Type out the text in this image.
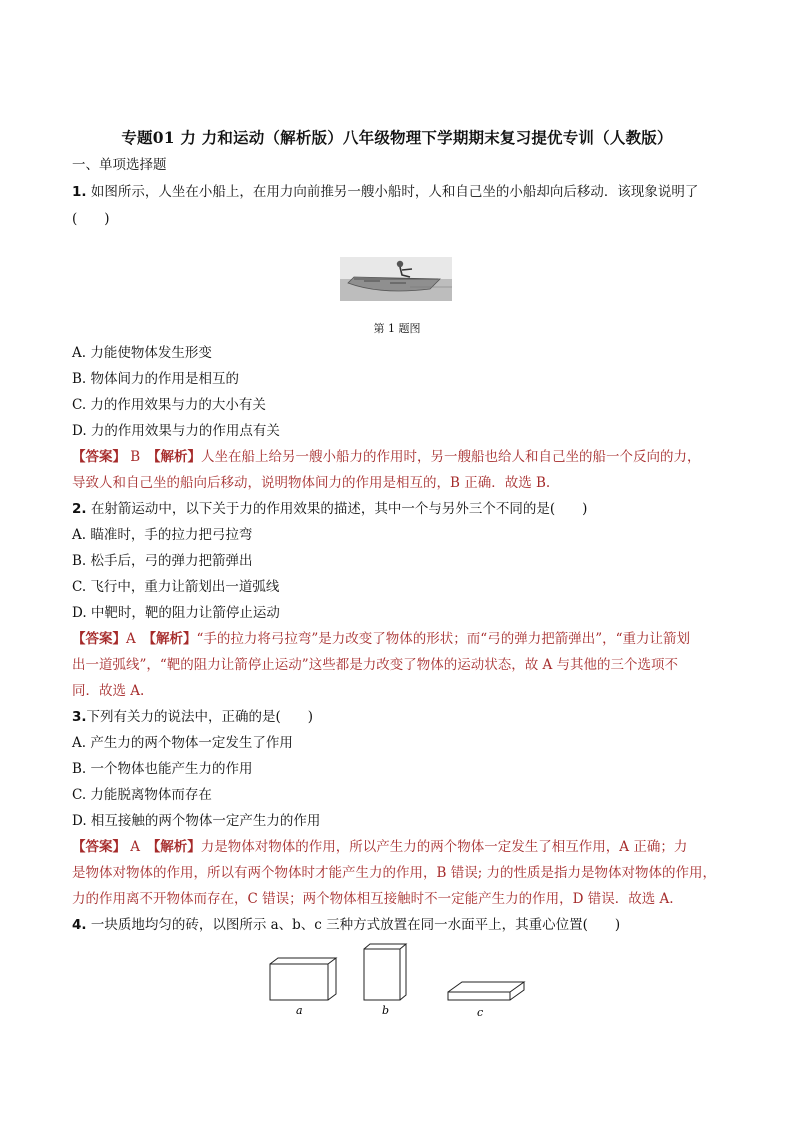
专题01 力 力和运动（解析版）八年级物理下学期期末复习提优专训（人教版）
一、单项选择题
1. 如图所示，人坐在小船上，在用力向前推另一艘小船时，人和自己坐的小船却向后移动．该现象说明了
(　　)
第 1 题图
A. 力能使物体发生形变
B. 物体间力的作用是相互的
C. 力的作用效果与力的大小有关
D. 力的作用效果与力的作用点有关
【答案】 B　【解析】人坐在船上给另一艘小船力的作用时，另一艘船也给人和自己坐的船一个反向的力，
导致人和自己坐的船向后移动，说明物体间力的作用是相互的，B 正确．故选 B.
2. 在射箭运动中，以下关于力的作用效果的描述，其中一个与另外三个不同的是(　　)
A. 瞄准时，手的拉力把弓拉弯
B. 松手后，弓的弹力把箭弹出
C. 飞行中，重力让箭划出一道弧线
D. 中靶时，靶的阻力让箭停止运动
【答案】A　【解析】“手的拉力将弓拉弯”是力改变了物体的形状；而“弓的弹力把箭弹出”，“重力让箭划
出一道弧线”，“靶的阻力让箭停止运动”这些都是力改变了物体的运动状态，故 A 与其他的三个选项不
同．故选 A.
3.下列有关力的说法中，正确的是(　　)
A. 产生力的两个物体一定发生了作用
B. 一个物体也能产生力的作用
C. 力能脱离物体而存在
D. 相互接触的两个物体一定产生力的作用
【答案】 A　【解析】力是物体对物体的作用，所以产生力的两个物体一定发生了相互作用，A 正确；力
是物体对物体的作用，所以有两个物体时才能产生力的作用，B 错误; 力的性质是指力是物体对物体的作用，
力的作用离不开物体而存在，C 错误；两个物体相互接触时不一定能产生力的作用，D 错误．故选 A.
4. 一块质地均匀的砖，以图所示 a、b、c 三种方式放置在同一水面平上，其重心位置(　　)
a	b	c
